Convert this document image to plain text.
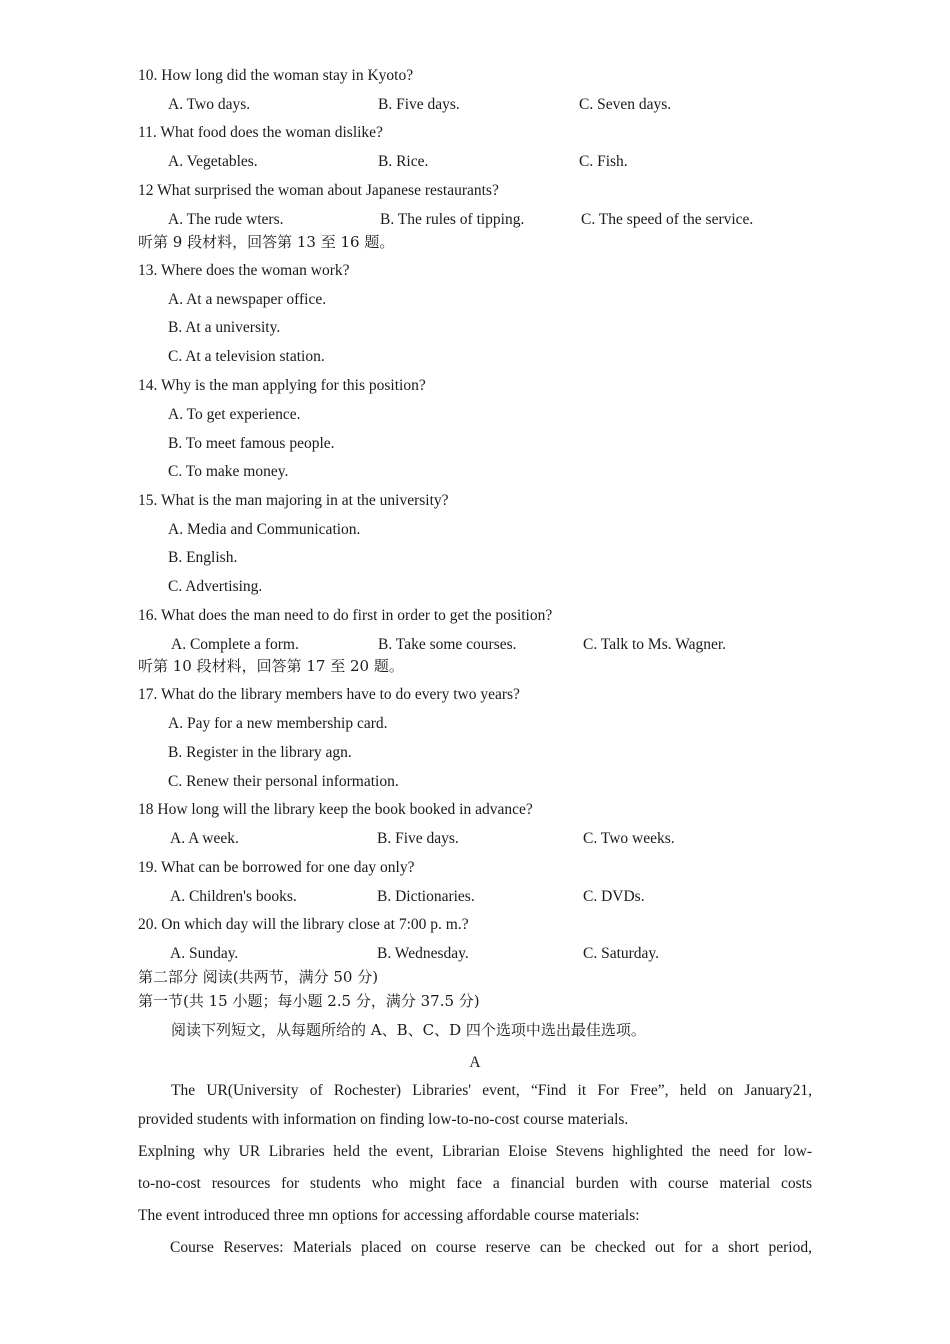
10. How long did the woman stay in Kyoto?
A. Two days.	B. Five days.	C. Seven days.
11. What food does the woman dislike?
A. Vegetables.	B. Rice.	C. Fish.
12 What surprised the woman about Japanese restaurants?
A. The rude wters.	B. The rules of tipping.	C. The speed of the service.
听第 9 段材料，回答第 13 至 16 题。
13. Where does the woman work?
A. At a newspaper office.
B. At a university.
C. At a television station.
14. Why is the man applying for this position?
A. To get experience.
B. To meet famous people.
C. To make money.
15. What is the man majoring in at the university?
A. Media and Communication.
B. English.
C. Advertising.
16. What does the man need to do first in order to get the position?
A. Complete a form.	B. Take some courses.	C. Talk to Ms. Wagner.
听第 10 段材料，回答第 17 至 20 题。
17. What do the library members have to do every two years?
A. Pay for a new membership card.
B. Register in the library agn.
C. Renew their personal information.
18 How long will the library keep the book booked in advance?
A. A week.	B. Five days.	C. Two weeks.
19. What can be borrowed for one day only?
A. Children's books.	B. Dictionaries.	C. DVDs.
20. On which day will the library close at 7:00 p. m.?
A. Sunday.	B. Wednesday.	C. Saturday.
第二部分 阅读(共两节，满分 50 分)
第一节(共 15 小题；每小题 2.5 分，满分 37.5 分)
阅读下列短文，从每题所给的 A、B、C、D 四个选项中选出最佳选项。
A
The UR(University of Rochester) Libraries' event, “Find it For Free”, held on January21,
provided students with information on finding low-to-no-cost course materials.
Explning why UR Libraries held the event, Librarian Eloise Stevens highlighted the need for low-
to-no-cost resources for students who might face a financial burden with course material costs
The event introduced three mn options for accessing affordable course materials:
Course Reserves: Materials placed on course reserve can be checked out for a short period,
